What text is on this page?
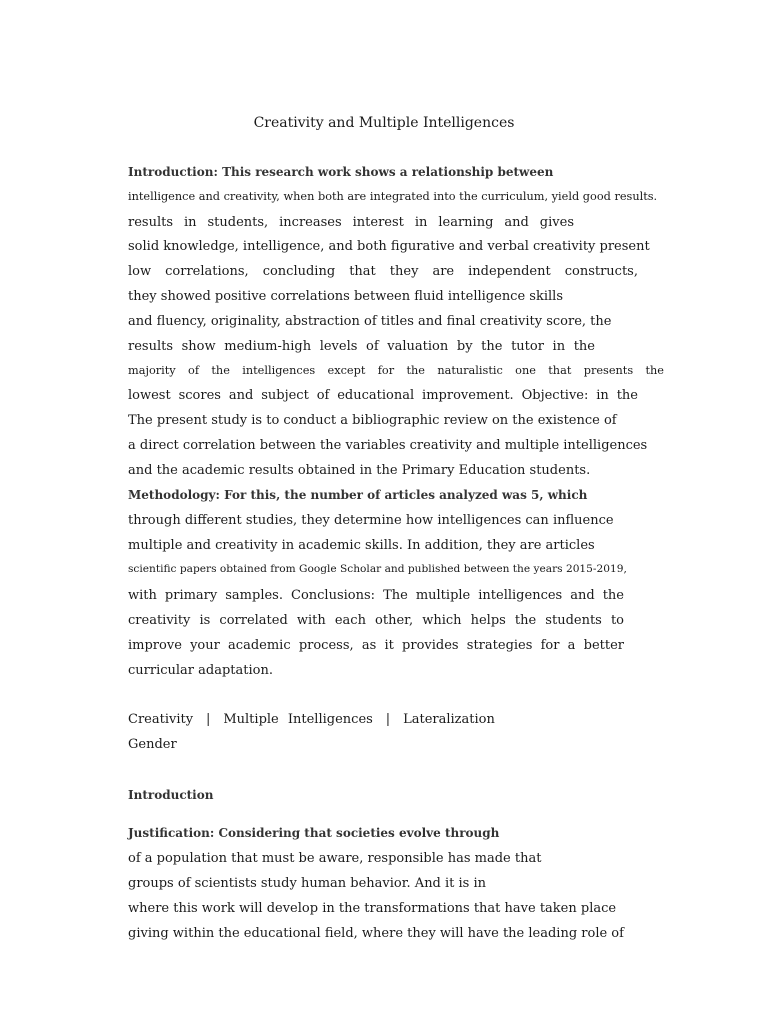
Creativity and Multiple Intelligences
Introduction: This research work shows a relationship between
intelligence and creativity, when both are integrated into the curriculum, yield good results.
results in students, increases interest in learning and gives
solid knowledge, intelligence, and both figurative and verbal creativity present
low correlations, concluding that they are independent constructs,
they showed positive correlations between fluid intelligence skills
and fluency, originality, abstraction of titles and final creativity score, the
results show medium-high levels of valuation by the tutor in the
majority of the intelligences except for the naturalistic one that presents the
lowest scores and subject of educational improvement. Objective: in the
The present study is to conduct a bibliographic review on the existence of
a direct correlation between the variables creativity and multiple intelligences
and the academic results obtained in the Primary Education students.
Methodology: For this, the number of articles analyzed was 5, which
through different studies, they determine how intelligences can influence
multiple and creativity in academic skills. In addition, they are articles
scientific papers obtained from Google Scholar and published between the years 2015-2019,
with primary samples. Conclusions: The multiple intelligences and the
creativity is correlated with each other, which helps the students to
improve your academic process, as it provides strategies for a better
curricular adaptation.
Creativity | Multiple Intelligences | Lateralization
Gender
Introduction
Justification: Considering that societies evolve through
of a population that must be aware, responsible has made that
groups of scientists study human behavior. And it is in
where this work will develop in the transformations that have taken place
giving within the educational field, where they will have the leading role of
